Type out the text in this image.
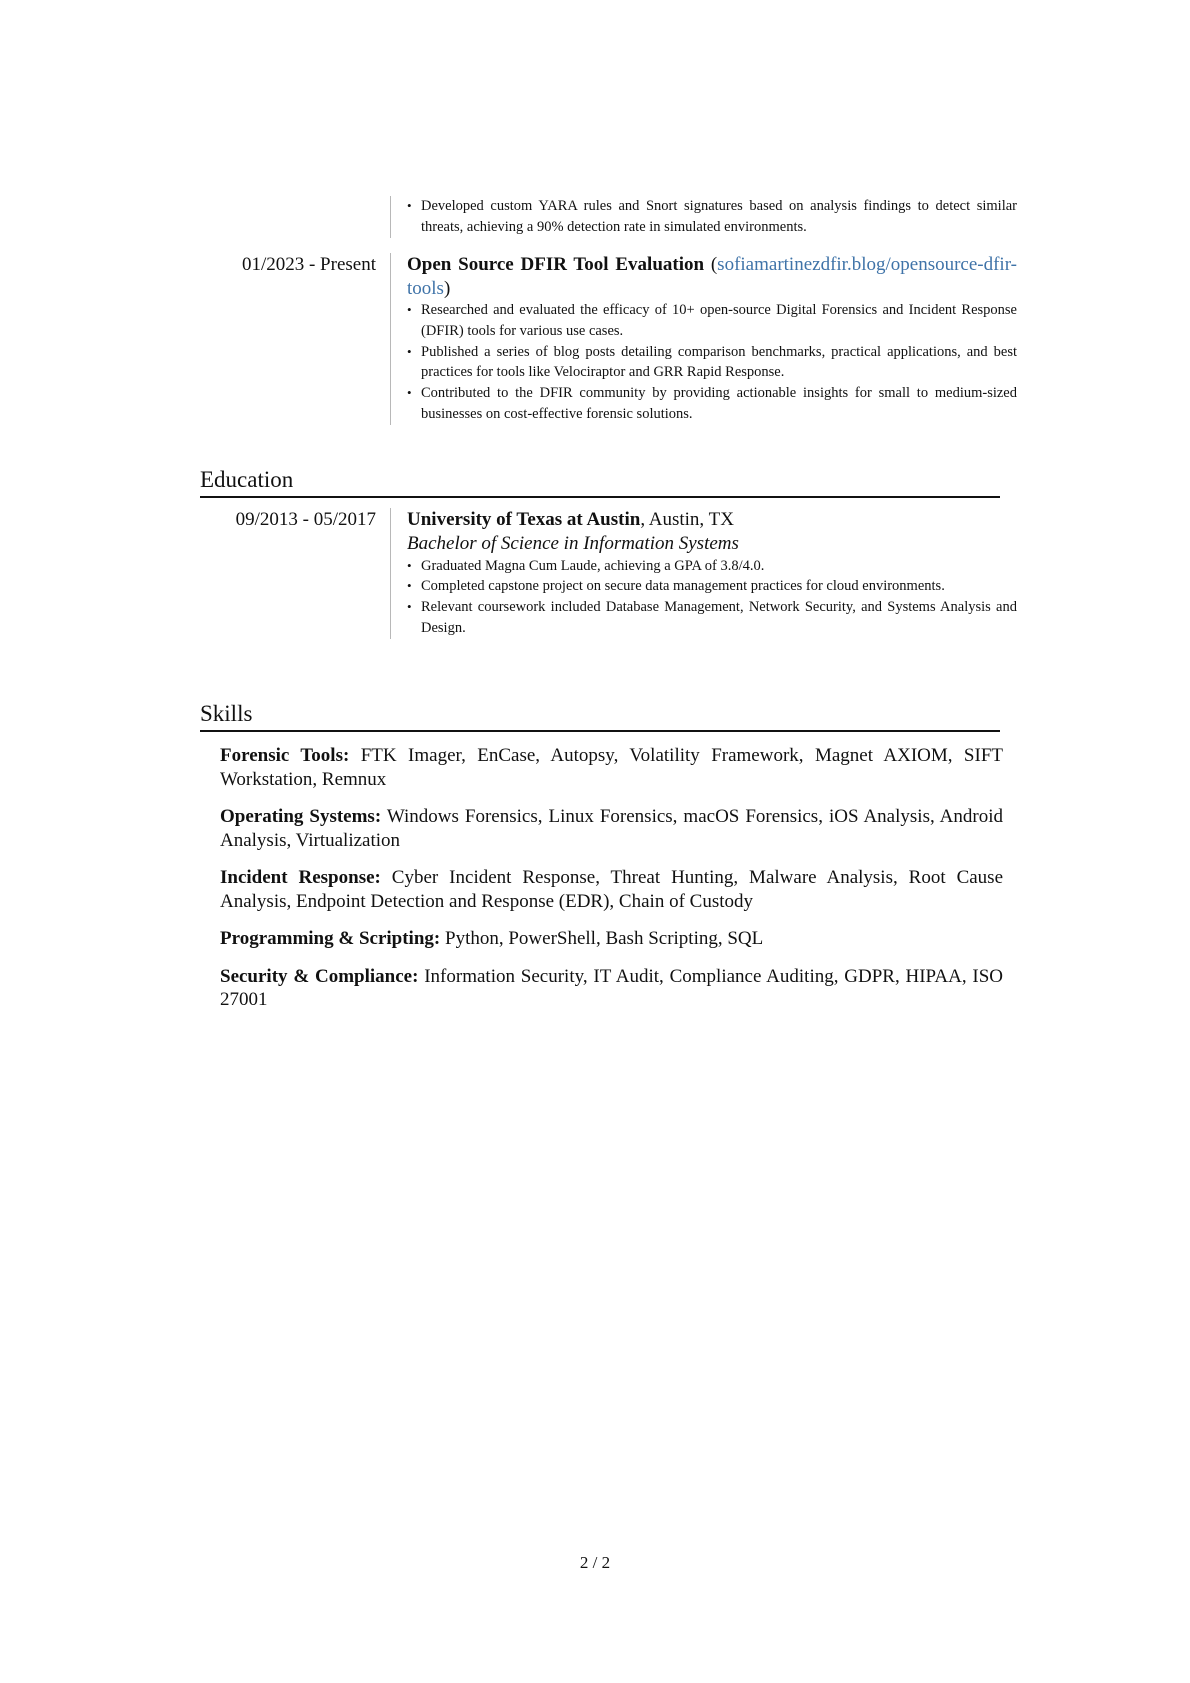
• Developed custom YARA rules and Snort signatures based on analysis findings to detect similar threats, achieving a 90% detection rate in simulated environments.
01/2023 - Present Open Source DFIR Tool Evaluation (sofiamartinezdfir.blog/opensource-dfir-tools)
• Researched and evaluated the efficacy of 10+ open-source Digital Forensics and Incident Response (DFIR) tools for various use cases.
• Published a series of blog posts detailing comparison benchmarks, practical applications, and best practices for tools like Velociraptor and GRR Rapid Response.
• Contributed to the DFIR community by providing actionable insights for small to medium-sized businesses on cost-effective forensic solutions.
Education
09/2013 - 05/2017 University of Texas at Austin, Austin, TX
Bachelor of Science in Information Systems
• Graduated Magna Cum Laude, achieving a GPA of 3.8/4.0.
• Completed capstone project on secure data management practices for cloud environments.
• Relevant coursework included Database Management, Network Security, and Systems Analysis and Design.
Skills

Forensic Tools: FTK Imager, EnCase, Autopsy, Volatility Framework, Magnet AXIOM, SIFT Workstation, Remnux

Operating Systems: Windows Forensics, Linux Forensics, macOS Forensics, iOS Analysis, Android Analysis, Virtualization

Incident Response: Cyber Incident Response, Threat Hunting, Malware Analysis, Root Cause Analysis, Endpoint Detection and Response (EDR), Chain of Custody

Programming & Scripting: Python, PowerShell, Bash Scripting, SQL

Security & Compliance: Information Security, IT Audit, Compliance Auditing, GDPR, HIPAA, ISO 27001

2 / 2
